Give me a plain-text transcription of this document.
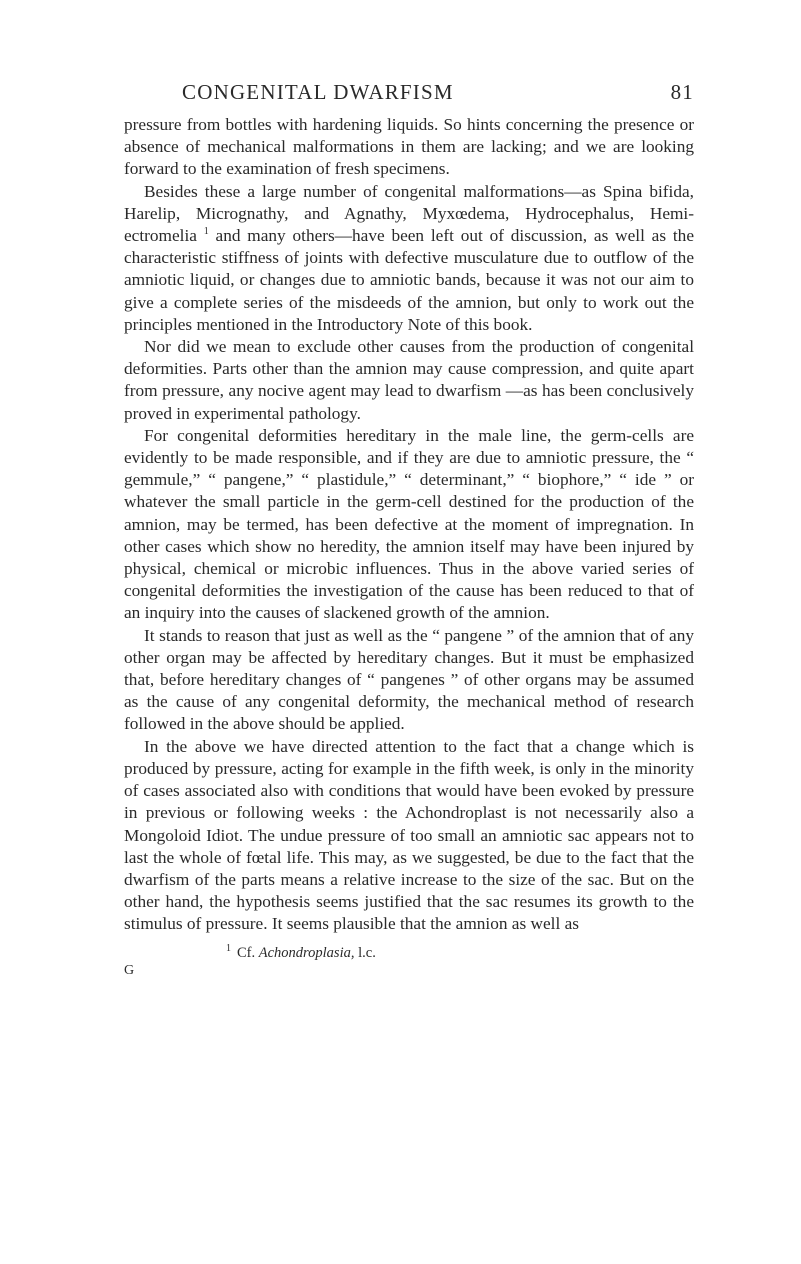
CONGENITAL DWARFISM	81

pressure from bottles with hardening liquids. So hints concerning the presence or absence of mechanical malformations in them are lacking; and we are looking forward to the examination of fresh specimens.

Besides these a large number of congenital malformations—as Spina bifida, Harelip, Micrognathy, and Agnathy, Myxœdema, Hydrocephalus, Hemi-ectromelia $^1$ and many others—have been left out of discussion, as well as the characteristic stiffness of joints with defective musculature due to outflow of the amniotic liquid, or changes due to amniotic bands, because it was not our aim to give a complete series of the misdeeds of the amnion, but only to work out the principles mentioned in the Introductory Note of this book.

Nor did we mean to exclude other causes from the production of congenital deformities. Parts other than the amnion may cause compression, and quite apart from pressure, any nocive agent may lead to dwarfism —as has been conclusively proved in experimental pathology.

For congenital deformities hereditary in the male line, the germ-cells are evidently to be made responsible, and if they are due to amniotic pressure, the “ gemmule,” “ pangene,” “ plastidule,” “ determinant,” “ biophore,” “ ide ” or whatever the small particle in the germ-cell destined for the production of the amnion, may be termed, has been defective at the moment of impregnation. In other cases which show no heredity, the amnion itself may have been injured by physical, chemical or microbic influences. Thus in the above varied series of congenital deformities the investigation of the cause has been reduced to that of an inquiry into the causes of slackened growth of the amnion.

It stands to reason that just as well as the “ pangene ” of the amnion that of any other organ may be affected by hereditary changes. But it must be emphasized that, before hereditary changes of “ pangenes ” of other organs may be assumed as the cause of any congenital deformity, the mechanical method of research followed in the above should be applied.

In the above we have directed attention to the fact that a change which is produced by pressure, acting for example in the fifth week, is only in the minority of cases associated also with conditions that would have been evoked by pressure in previous or following weeks : the Achondroplast is not necessarily also a Mongoloid Idiot. The undue pressure of too small an amniotic sac appears not to last the whole of fœtal life. This may, as we suggested, be due to the fact that the dwarfism of the parts means a relative increase to the size of the sac. But on the other hand, the hypothesis seems justified that the sac resumes its growth to the stimulus of pressure. It seems plausible that the amnion as well as

$^1$ Cf. Achondroplasia, l.c.
G
